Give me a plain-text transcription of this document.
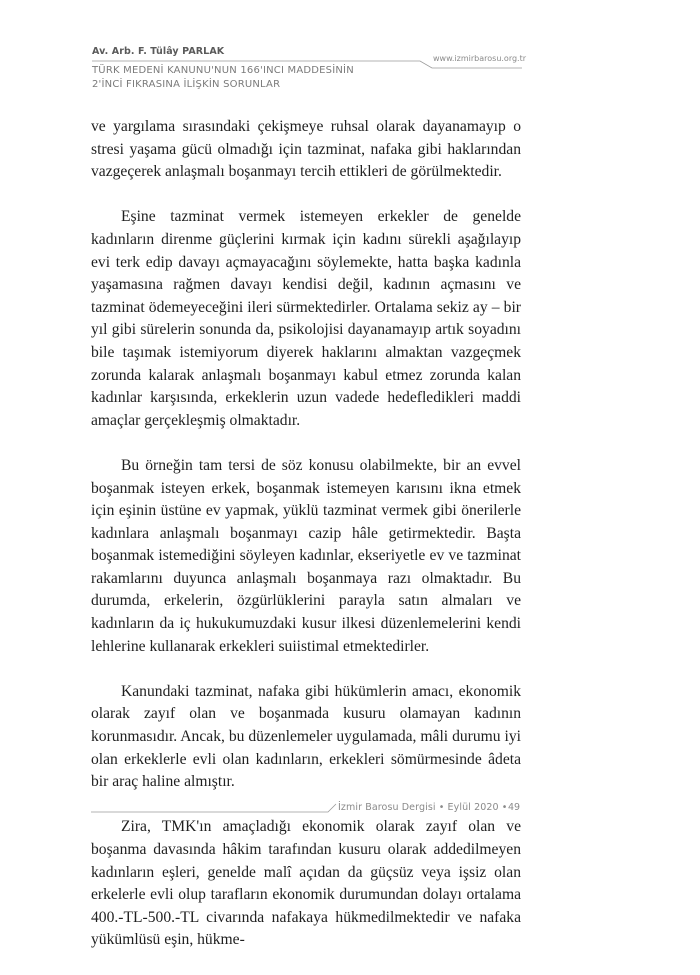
Av. Arb. F. Tülây PARLAK
TÜRK MEDENİ KANUNU'NUN 166'INCI MADDESİNİN
2'İNCİ FIKRASINA İLİŞKİN SORUNLAR
www.izmirbarosu.org.tr

ve yargılama sırasındaki çekişmeye ruhsal olarak dayanamayıp o stresi yaşama gücü olmadığı için tazminat, nafaka gibi haklarından vazgeçerek anlaşmalı boşanmayı tercih ettikleri de görülmektedir.

Eşine tazminat vermek istemeyen erkekler de genelde kadınların direnme güçlerini kırmak için kadını sürekli aşağılayıp evi terk edip davayı açmayacağını söylemekte, hatta başka kadınla yaşamasına rağmen davayı kendisi değil, kadının açmasını ve tazminat ödemeyeceğini ileri sürmektedirler. Ortalama sekiz ay – bir yıl gibi sürelerin sonunda da, psikolojisi dayanamayıp artık soyadını bile taşımak istemiyorum diyerek haklarını almaktan vazgeçmek zorunda kalarak anlaşmalı boşanmayı kabul etmez zorunda kalan kadınlar karşısında, erkeklerin uzun vadede hedefledikleri maddi amaçlar gerçekleşmiş olmaktadır.

Bu örneğin tam tersi de söz konusu olabilmekte, bir an evvel boşanmak isteyen erkek, boşanmak istemeyen karısını ikna etmek için eşinin üstüne ev yapmak, yüklü tazminat vermek gibi önerilerle kadınlara anlaşmalı boşanmayı cazip hâle getirmektedir. Başta boşanmak istemediğini söyleyen kadınlar, ekseriyetle ev ve tazminat rakamlarını duyunca anlaşmalı boşanmaya razı olmaktadır. Bu durumda, erkelerin, özgürlüklerini parayla satın almaları ve kadınların da iç hukukumuzdaki kusur ilkesi düzenlemelerini kendi lehlerine kullanarak erkekleri suiistimal etmektedirler.

Kanundaki tazminat, nafaka gibi hükümlerin amacı, ekonomik olarak zayıf olan ve boşanmada kusuru olamayan kadının korunmasıdır. Ancak, bu düzenlemeler uygulamada, mâli durumu iyi olan erkeklerle evli olan kadınların, erkekleri sömürmesinde âdeta bir araç haline almıştır.

Zira, TMK'ın amaçladığı ekonomik olarak zayıf olan ve boşanma davasında hâkim tarafından kusuru olarak addedilmeyen kadınların eşleri, genelde malî açıdan da güçsüz veya işsiz olan erkelerle evli olup tarafların ekonomik durumundan dolayı ortalama 400.-TL-500.-TL civarında nafakaya hükmedilmektedir ve nafaka yükümlüsü eşin, hükme-

İzmir Barosu Dergisi • Eylül 2020 • 49
